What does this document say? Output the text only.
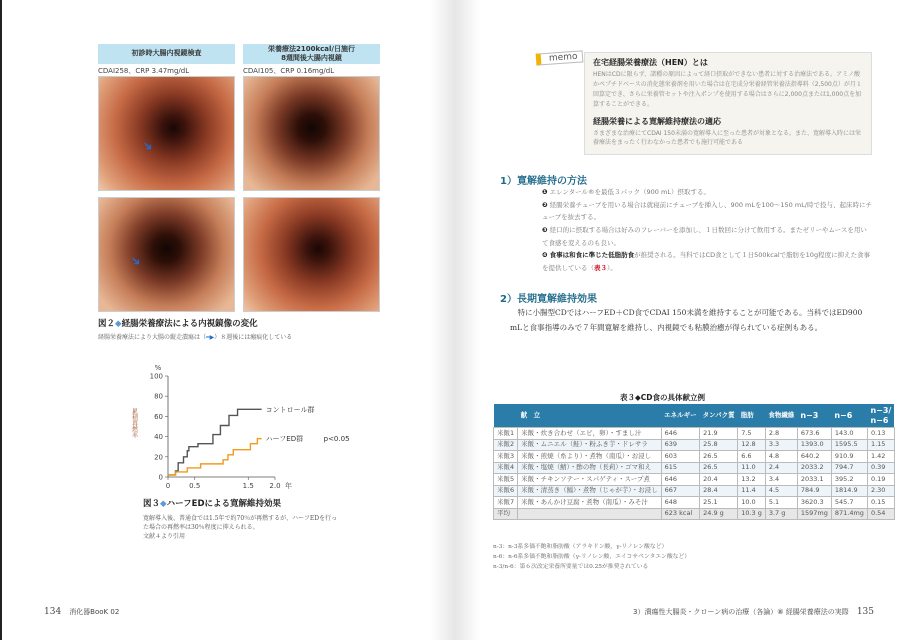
初診時大腸内視鏡検査
栄養療法2100kcal/日施行
8週間後大腸内視鏡
CDAI258、CRP 3.47mg/dL	CDAI105、CRP 0.16mg/dL
➔
➔
図２◆経腸栄養療法による内視鏡像の変化
経腸栄養療法により大腸の縦走潰瘍は（━▶）８週後には瘢痕化している
0
20
40
60
80
100
0	0.5	1.5 2.0 年
%
累積再燃率	コントロール群
ハーフED群	p<0.05
図３◆ハーフEDによる寛解維持効果
寛解導入後、普通食では1.5年で約70％が再燃するが、ハーフEDを行った場合の再燃率は30％程度に抑えられる。
文献４より引用
memo	在宅経腸栄養療法（HEN）とは

HENはCDに限らず、諸種の原因によって経口摂取ができない患者に対する治療法である。アミノ酸かペプチドベースの消化態栄養剤を用いた場合は在宅成分栄養経管栄養法指導料（2,500点）が月１回算定でき、さらに栄養管セットや注入ポンプを使用する場合はさらに2,000点または1,000点を加算することができる。

経腸栄養による寛解維持療法の適応

さまざまな治療にてCDAI 150未満の寛解導入に至った患者が対象となる。また、寛解導入時には栄養療法をまったく行わなかった患者でも施行可能である

1）寛解維持の方法
❶ エレンタール®を最低３パック（900 mL）摂取する。
❷ 経腸栄養チューブを用いる場合は就寝前にチューブを挿入し、900 mLを100～150 mL/時で投与、起床時にチューブを抜去する。
❸ 経口的に摂取する場合は好みのフレーバーを添加し、１日数回に分けて飲用する。またゼリーやムースを用いて食感を変えるのも良い。
❹ 食事は和食に準じた低脂肪食が推奨される。当科ではCD食として１日500kcalで脂肪を10g程度に抑えた食事を提供している（表３）。
2）長期寛解維持効果
特に小腸型CDではハーフED＋CD食でCDAI 150未満を維持することが可能である。当科ではED900 mLと食事指導のみで７年間寛解を維持し、内視鏡でも粘膜治癒が得られている症例もある。
表３◆CD食の具体献立例
	献　立	エネルギー	タンパク質	脂肪	食物繊維	n−3	n−6	n−3/
n−6
米飯1	米飯・炊き合わせ（エビ，卵）・すまし汁	646	21.9	7.5	2.8	673.6	143.0	0.13
米飯2	米飯・ムニエル（鮭）・粉ふき芋・ドレサラ	639	25.8	12.8	3.3	1393.0	1595.5	1.15
米飯3	米飯・煎焼（糸より）・煮物（南瓜）・お浸し	603	26.5	6.6	4.8	640.2	910.9	1.42
米飯4	米飯・塩焼（鯖）・酢の物（長莉）・ゴマ和え	615	26.5	11.0	2.4	2033.2	794.7	0.39
米飯5	米飯・チキンソテー・スパゲティ・スープ煮	646	20.4	13.2	3.4	2033.1	395.2	0.19
米飯6	米飯・清蒸き（鯔）・煮物（じゃが芋）・お浸し	667	28.4	11.4	4.5	784.9	1814.9	2.30
米飯7	米飯・あんかけ豆腐・煮物（南瓜）・みそ汁	648	25.1	10.0	5.1	3620.3	545.7	0.15
平均		623 kcal	24.9 g	10.3 g	3.7 g	1597mg	871.4mg	0.54
n-3：n-3系多価不飽和脂肪酸（アラキドン酸，γ-リノレン酸など）
n-6：n-6系多価不飽和脂肪酸（γ-リノレン酸，エイコサペンタエン酸など）
n-3/n-6：第６次改定栄養所要量では0.25が推奨されている
134 消化器BooK 02	3）潰瘍性大腸炎・クローン病の治療（各論）⑧ 経腸栄養療法の実際 135
